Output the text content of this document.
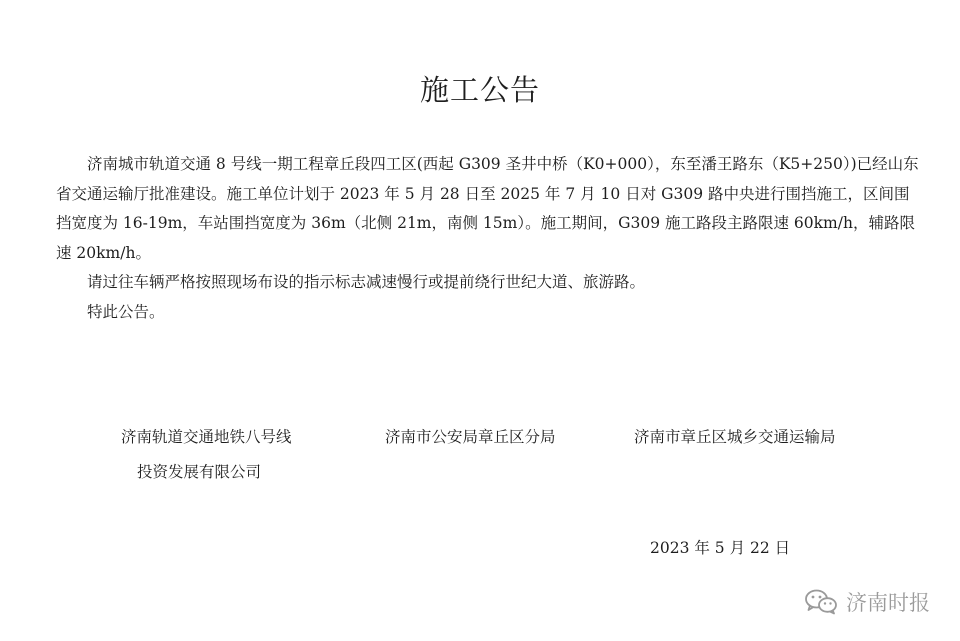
施工公告

济南城市轨道交通 8 号线一期工程章丘段四工区(西起 G309 圣井中桥（K0+000），东至潘王路东（K5+250）)已经山东省交通运输厅批准建设。施工单位计划于 2023 年 5 月 28 日至 2025 年 7 月 10 日对 G309 路中央进行围挡施工，区间围挡宽度为 16-19m，车站围挡宽度为 36m（北侧 21m，南侧 15m）。施工期间，G309 施工路段主路限速 60km/h，辅路限速 20km/h。

请过往车辆严格按照现场布设的指示标志减速慢行或提前绕行世纪大道、旅游路。

特此公告。

济南轨道交通地铁八号线
投资发展有限公司
济南市公安局章丘区分局	济南市章丘区城乡交通运输局
2023 年 5 月 22 日
济南时报
